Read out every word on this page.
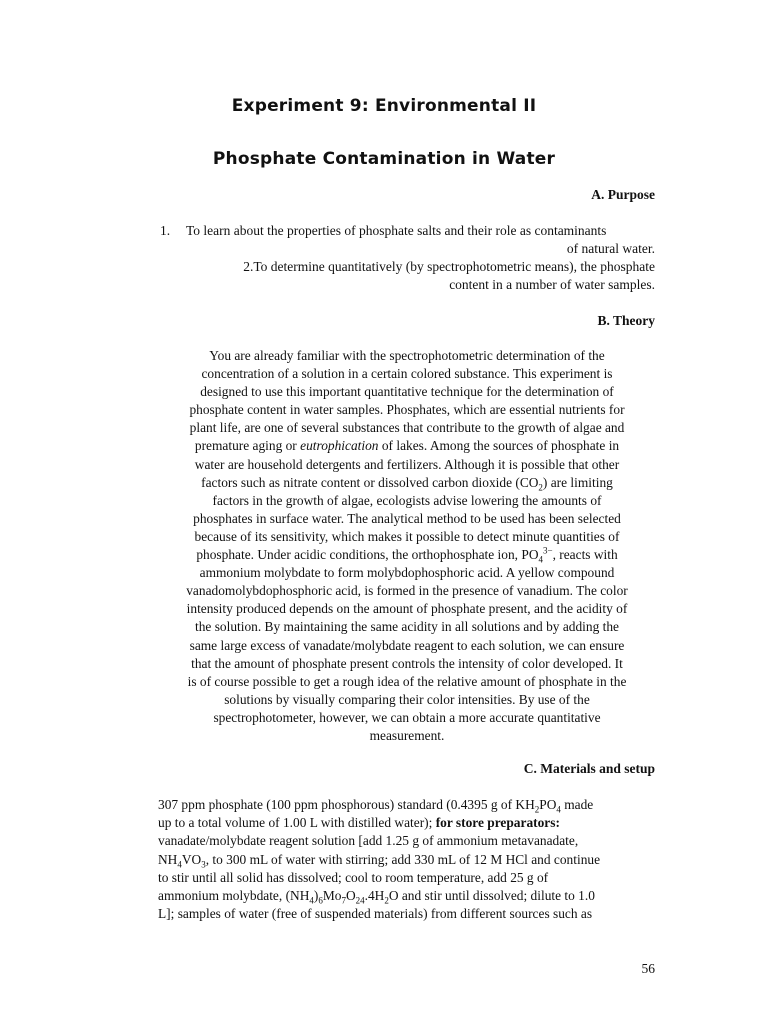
Experiment 9: Environmental II
Phosphate Contamination in Water
A. Purpose
1. To learn about the properties of phosphate salts and their role as contaminants
of natural water.
2.To determine quantitatively (by spectrophotometric means), the phosphate
content in a number of water samples.
B. Theory
You are already familiar with the spectrophotometric determination of the
concentration of a solution in a certain colored substance. This experiment is
designed to use this important quantitative technique for the determination of
phosphate content in water samples. Phosphates, which are essential nutrients for
plant life, are one of several substances that contribute to the growth of algae and
premature aging or eutrophication of lakes. Among the sources of phosphate in
water are household detergents and fertilizers. Although it is possible that other
factors such as nitrate content or dissolved carbon dioxide $(CO_2)$ are limiting
factors in the growth of algae, ecologists advise lowering the amounts of
phosphates in surface water. The analytical method to be used has been selected
because of its sensitivity, which makes it possible to detect minute quantities of
phosphate. Under acidic conditions, the orthophosphate ion, $PO_4^{3-}$, reacts with
ammonium molybdate to form molybdophosphoric acid. A yellow compound
vanadomolybdophosphoric acid, is formed in the presence of vanadium. The color
intensity produced depends on the amount of phosphate present, and the acidity of
the solution. By maintaining the same acidity in all solutions and by adding the
same large excess of vanadate/molybdate reagent to each solution, we can ensure
that the amount of phosphate present controls the intensity of color developed. It
is of course possible to get a rough idea of the relative amount of phosphate in the
solutions by visually comparing their color intensities. By use of the
spectrophotometer, however, we can obtain a more accurate quantitative
measurement.
C. Materials and setup
307 ppm phosphate (100 ppm phosphorous) standard (0.4395 g of $KH_2PO_4$ made
up to a total volume of 1.00 L with distilled water); for store preparators:
vanadate/molybdate reagent solution [add 1.25 g of ammonium metavanadate,
$NH_4VO_3$, to 300 mL of water with stirring; add 330 mL of 12 M HCl and continue
to stir until all solid has dissolved; cool to room temperature, add 25 g of
ammonium molybdate, $(NH_4)_6Mo_7O_{24}.4H_2O$ and stir until dissolved; dilute to 1.0
L]; samples of water (free of suspended materials) from different sources such as
56
